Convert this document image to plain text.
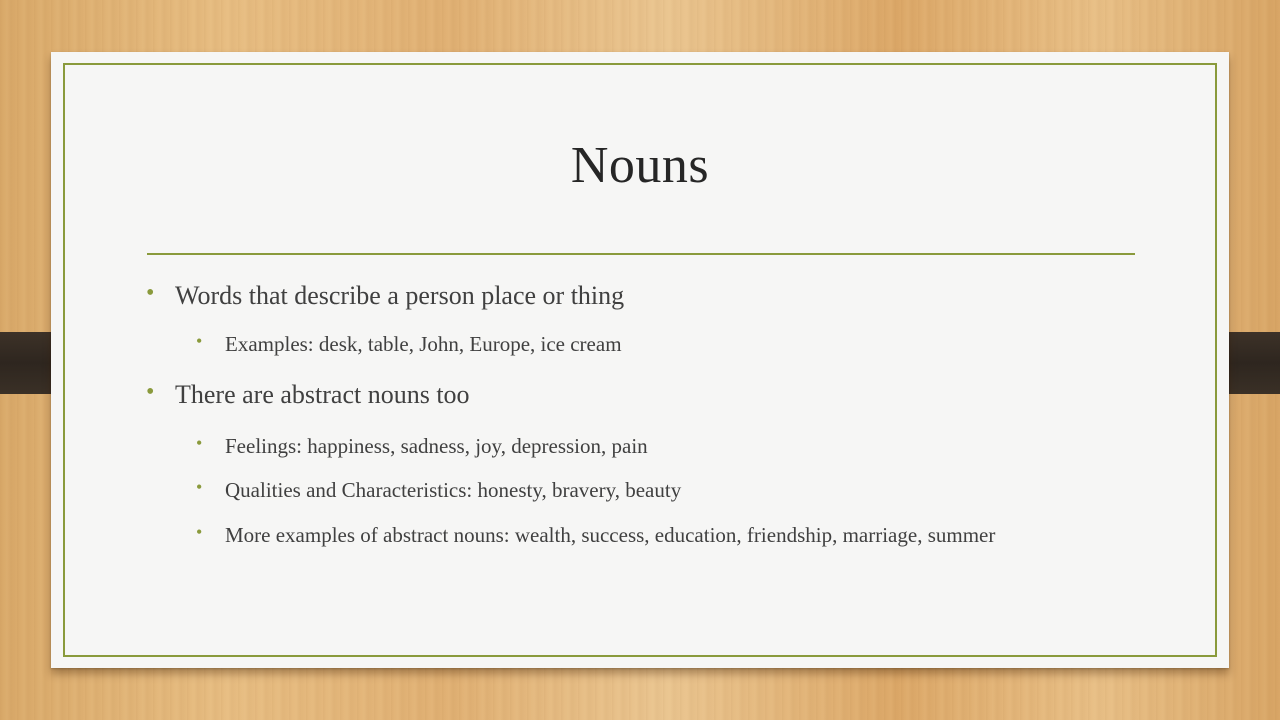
Nouns
• Words that describe a person place or thing
• Examples: desk, table, John, Europe, ice cream
• There are abstract nouns too
• Feelings: happiness, sadness, joy, depression, pain
• Qualities and Characteristics: honesty, bravery, beauty
• More examples of abstract nouns: wealth, success, education, friendship, marriage, summer
